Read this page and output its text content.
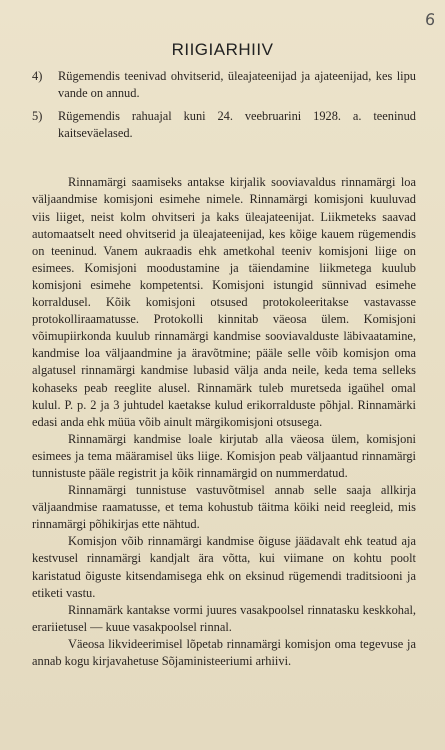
6
RIIGIARHIIV
4)	Rügemendis teenivad ohvitserid, üleajateenijad ja ajateenijad, kes lipu vande on annud.
5)	Rügemendis rahuajal kuni 24. veebruarini 1928. a. teeninud kaitseväelased.

Rinnamärgi saamiseks antakse kirjalik sooviavaldus rinnamärgi loa väljaandmise komisjoni esimehe nimele. Rinnamärgi komisjoni kuuluvad viis liiget, neist kolm ohvitseri ja kaks üleajateenijat. Liikmeteks saavad automaatselt need ohvitserid ja üleajateenijad, kes kõige kauem rügemendis on teeninud. Vanem aukraadis ehk ametkohal teeniv komisjoni liige on esimees. Komisjoni moodustamine ja täiendamine liikmetega kuulub komisjoni esimehe kompetentsi. Komisjoni istungid sünnivad esimehe korraldusel. Kõik komisjoni otsused protokoleeritakse vastavasse protokolliraamatusse. Protokolli kinnitab väeosa ülem. Komisjoni võimupiirkonda kuulub rinnamärgi kandmise sooviavalduste läbivaatamine, kandmise loa väljaandmine ja äravõtmine; pääle selle võib komisjon oma algatusel rinnamärgi kandmise lubasid välja anda neile, keda tema selleks kohaseks peab reeglite alusel. Rinnamärk tuleb muretseda igaühel omal kulul. P. p. 2 ja 3 juhtudel kaetakse kulud erikorralduste põhjal. Rinnamärki edasi anda ehk müüa võib ainult märgikomisjoni otsusega.

Rinnamärgi kandmise loale kirjutab alla väeosa ülem, komisjoni esimees ja tema määramisel üks liige. Komisjon peab väljaantud rinnamärgi tunnistuste pääle registrit ja kõik rinnamärgid on nummerdatud.

Rinnamärgi tunnistuse vastuvõtmisel annab selle saaja allkirja väljaandmise raamatusse, et tema kohustub täitma köiki neid reegleid, mis rinnamärgi põhikirjas ette nähtud.

Komisjon võib rinnamärgi kandmise õiguse jäädavalt ehk teatud aja kestvusel rinnamärgi kandjalt ära võtta, kui viimane on kohtu poolt karistatud õiguste kitsendamisega ehk on eksinud rügemendi traditsiooni ja etiketi vastu.

Rinnamärk kantakse vormi juures vasakpoolsel rinnatasku keskkohal, erariietusel — kuue vasakpoolsel rinnal.

Väeosa likvideerimisel lõpetab rinnamärgi komisjon oma tegevuse ja annab kogu kirjavahetuse Sõjaministeeriumi arhiivi.
